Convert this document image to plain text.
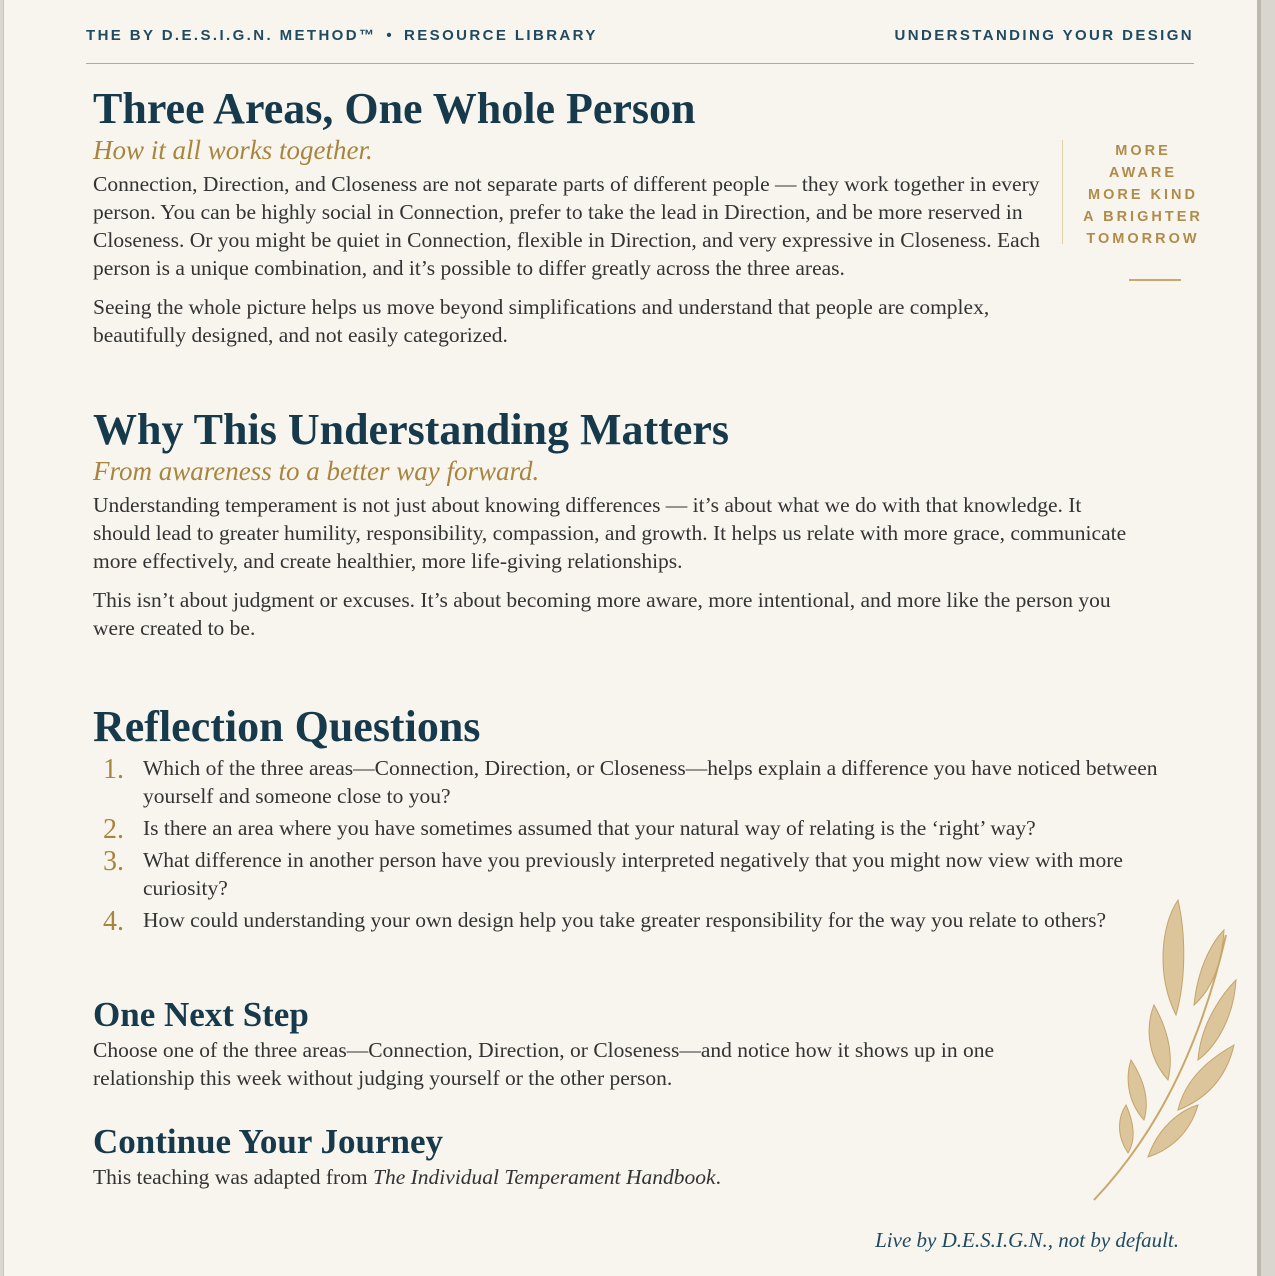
THE BY D.E.S.I.G.N. METHOD™ • RESOURCE LIBRARY	UNDERSTANDING YOUR DESIGN
Three Areas, One Whole Person
How it all works together.

Connection, Direction, and Closeness are not separate parts of different people — they work together in every person. You can be highly social in Connection, prefer to take the lead in Direction, and be more reserved in Closeness. Or you might be quiet in Connection, flexible in Direction, and very expressive in Closeness. Each person is a unique combination, and it’s possible to differ greatly across the three areas.

Seeing the whole picture helps us move beyond simplifications and understand that people are complex, beautifully designed, and not easily categorized.

Why This Understanding Matters
From awareness to a better way forward.

Understanding temperament is not just about knowing differences — it’s about what we do with that knowledge. It should lead to greater humility, responsibility, compassion, and growth. It helps us relate with more grace, communicate more effectively, and create healthier, more life-giving relationships.

This isn’t about judgment or excuses. It’s about becoming more aware, more intentional, and more like the person you were created to be.

Reflection Questions
1. Which of the three areas—Connection, Direction, or Closeness—helps explain a difference you have noticed between yourself and someone close to you?
2. Is there an area where you have sometimes assumed that your natural way of relating is the ‘right’ way?
3. What difference in another person have you previously interpreted negatively that you might now view with more curiosity?
4. How could understanding your own design help you take greater responsibility for the way you relate to others?
One Next Step

Choose one of the three areas—Connection, Direction, or Closeness—and notice how it shows up in one relationship this week without judging yourself or the other person.

Continue Your Journey

This teaching was adapted from The Individual Temperament Handbook.

MORE
AWARE
MORE KIND
A BRIGHTER
TOMORROW
Live by D.E.S.I.G.N., not by default.
